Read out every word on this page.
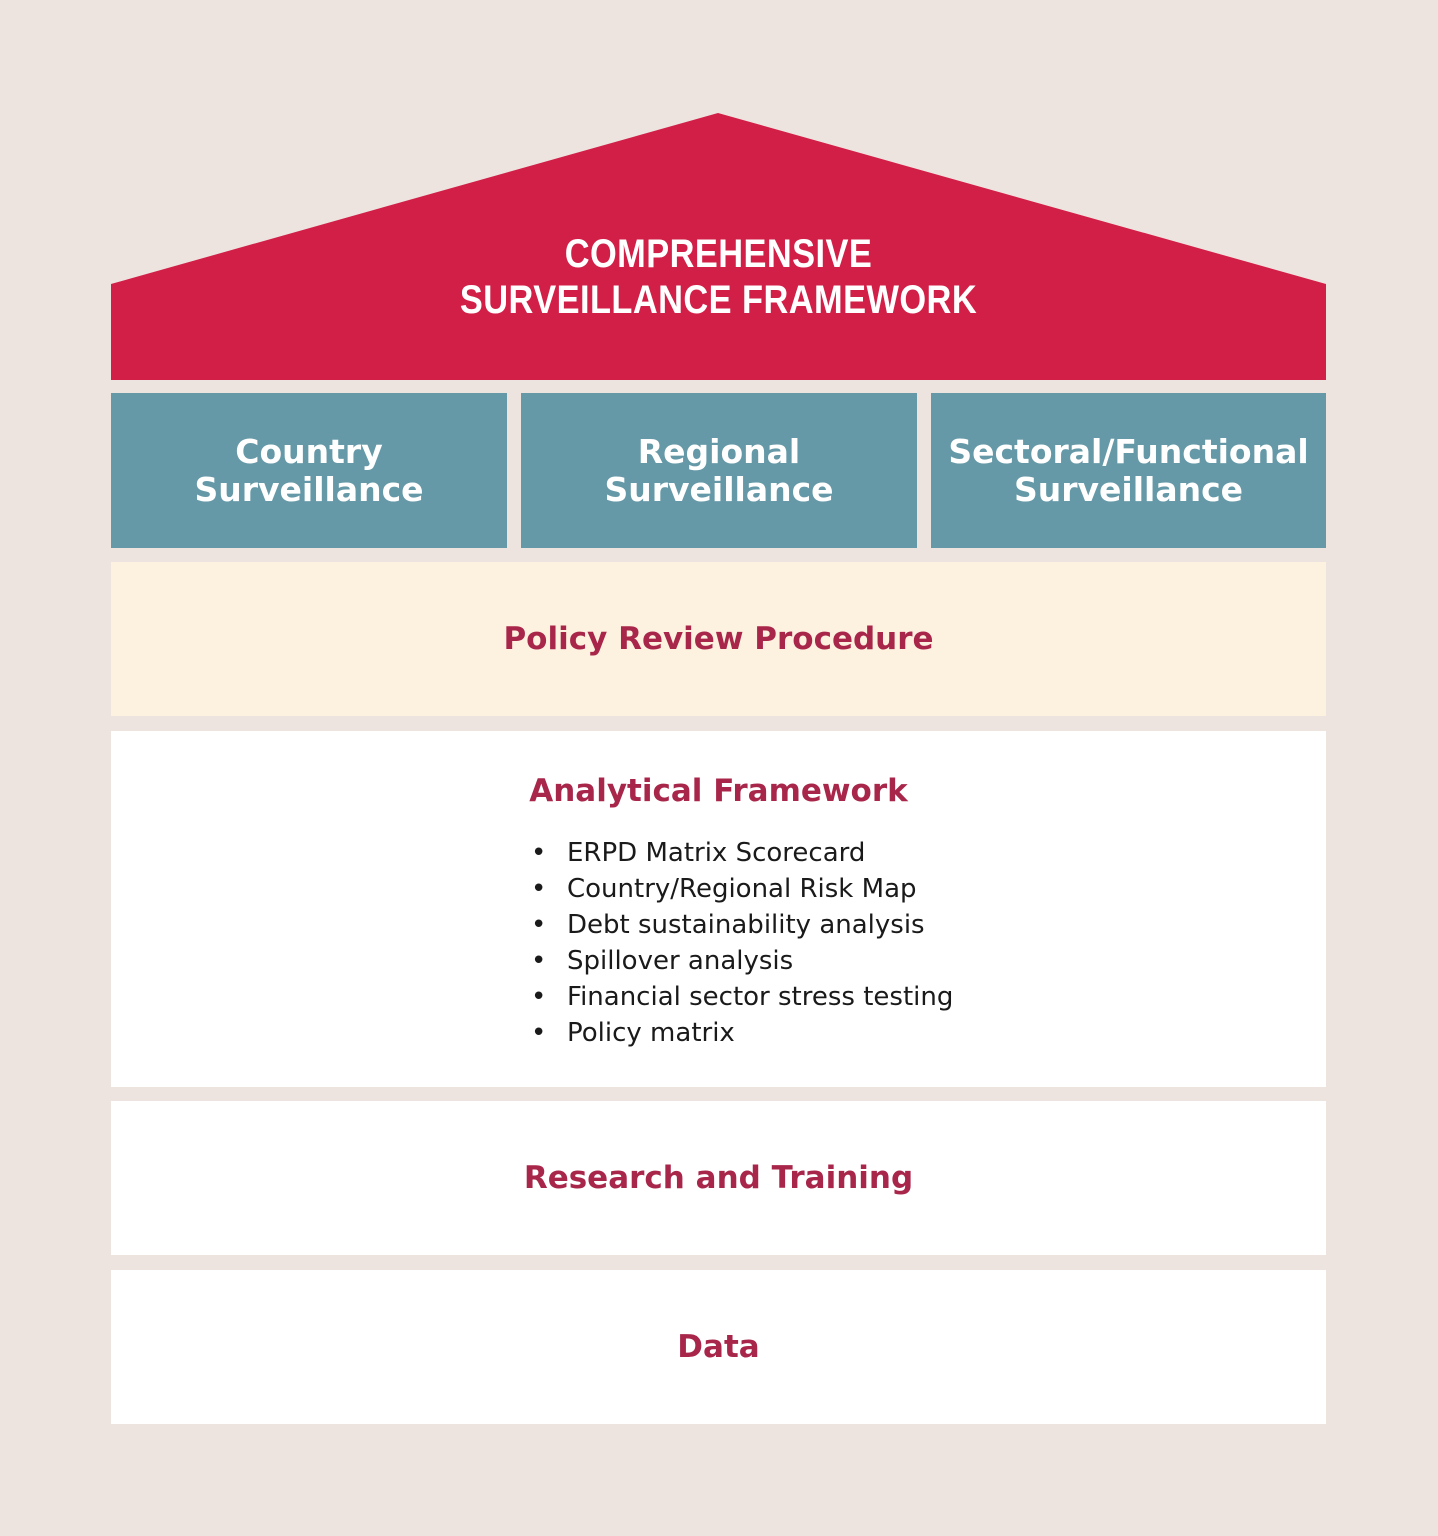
COMPREHENSIVE
SURVEILLANCE FRAMEWORK
Country
Surveillance
Regional
Surveillance
Sectoral/Functional
Surveillance
Policy Review Procedure
Analytical Framework
• ERPD Matrix Scorecard
• Country/Regional Risk Map
• Debt sustainability analysis
• Spillover analysis
• Financial sector stress testing
• Policy matrix
Research and Training
Data
